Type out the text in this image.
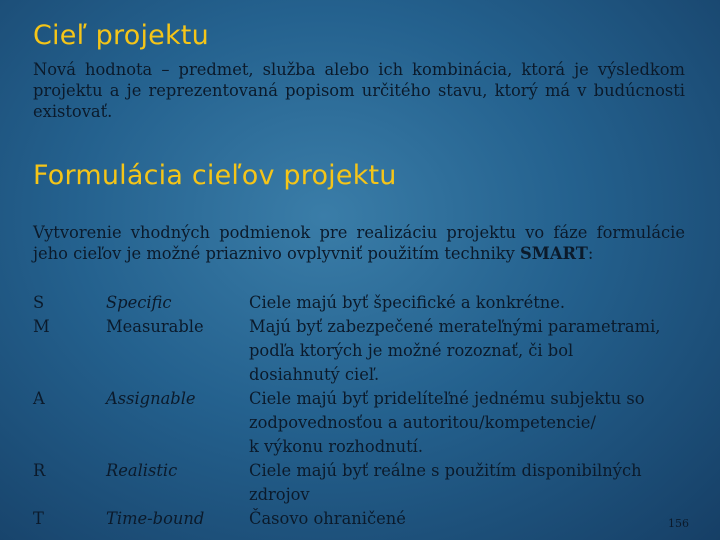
Cieľ projektu

Nová hodnota – predmet, služba alebo ich kombinácia, ktorá je výsledkom projektu a je reprezentovaná popisom určitého stavu, ktorý má v budúcnosti existovať.

Formulácia cieľov projektu

Vytvorenie vhodných podmienok pre realizáciu projektu vo fáze formulácie jeho cieľov je možné priaznivo ovplyvniť použitím techniky SMART:

S	Specific	Ciele majú byť špecifické a konkrétne.
M	Measurable	Majú byť zabezpečené merateľnými parametrami,
podľa ktorých je možné rozoznať, či bol
dosiahnutý cieľ.
A	Assignable	Ciele majú byť pridelíteľné jednému subjektu so
zodpovednosťou a autoritou/kompetencie/
k výkonu rozhodnutí.
R	Realistic	Ciele majú byť reálne s použitím disponibilných
zdrojov
T	Time-bound	Časovo ohraničené	156
